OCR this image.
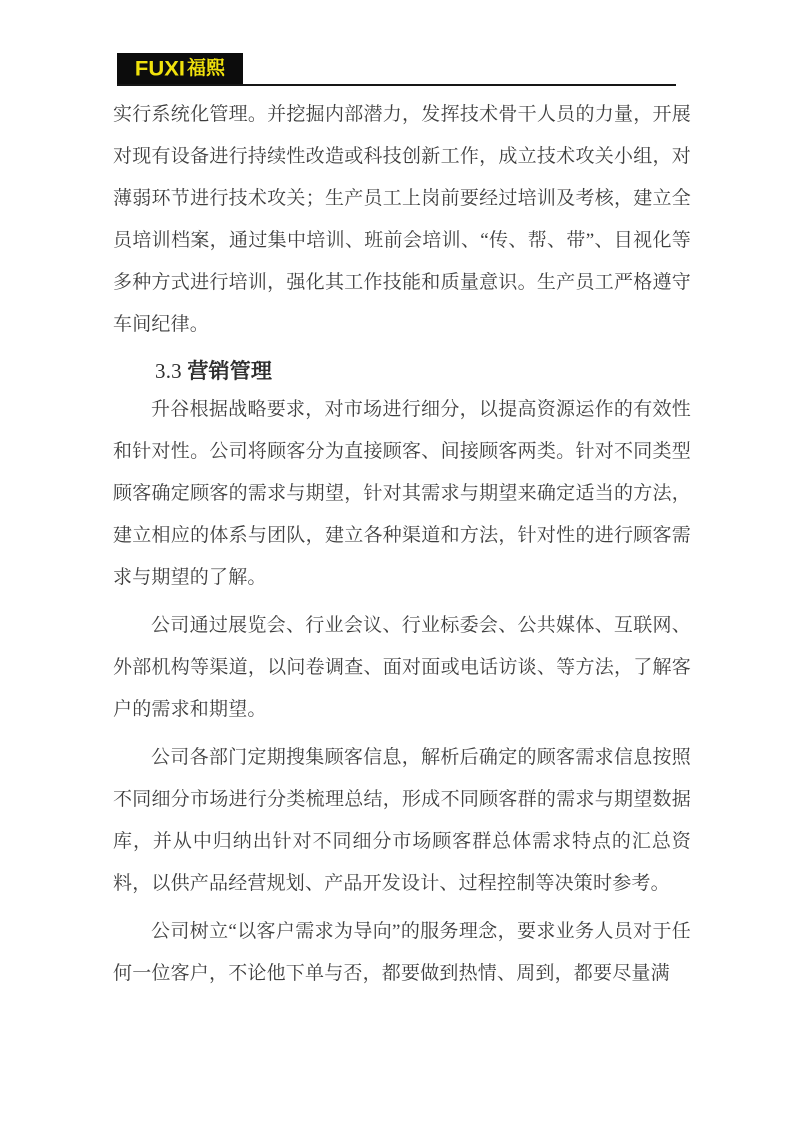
FUXI 福熙

实行系统化管理。并挖掘内部潜力，发挥技术骨干人员的力量，开展对现有设备进行持续性改造或科技创新工作，成立技术攻关小组，对薄弱环节进行技术攻关；生产员工上岗前要经过培训及考核，建立全员培训档案，通过集中培训、班前会培训、“传、帮、带”、目视化等多种方式进行培训，强化其工作技能和质量意识。生产员工严格遵守车间纪律。

3.3 营销管理

升谷根据战略要求，对市场进行细分，以提高资源运作的有效性和针对性。公司将顾客分为直接顾客、间接顾客两类。针对不同类型顾客确定顾客的需求与期望，针对其需求与期望来确定适当的方法，建立相应的体系与团队，建立各种渠道和方法，针对性的进行顾客需求与期望的了解。

公司通过展览会、行业会议、行业标委会、公共媒体、互联网、外部机构等渠道，以问卷调查、面对面或电话访谈、等方法，了解客户的需求和期望。

公司各部门定期搜集顾客信息，解析后确定的顾客需求信息按照不同细分市场进行分类梳理总结，形成不同顾客群的需求与期望数据库，并从中归纳出针对不同细分市场顾客群总体需求特点的汇总资料，以供产品经营规划、产品开发设计、过程控制等决策时参考。

公司树立“以客户需求为导向”的服务理念，要求业务人员对于任何一位客户，不论他下单与否，都要做到热情、周到，都要尽量满
